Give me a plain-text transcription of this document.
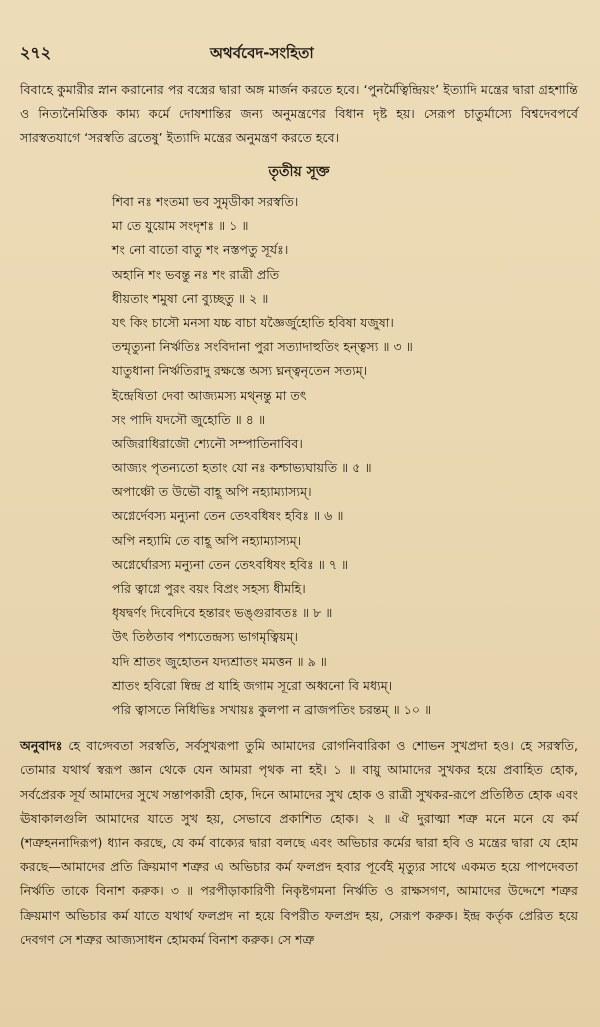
২৭২	অথর্ববেদ-সংহিতা

বিবাহে কুমারীর স্নান করানোর পর বস্ত্রের দ্বারা অঙ্গ মার্জন করতে হবে। ‘পুনর্মৈত্বিন্দ্রিয়ং’ ইত্যাদি মন্ত্রের দ্বারা গ্রহশান্তি ও নিত্যনৈমিত্তিক কাম্য কর্মে দোষশান্তির জন্য অনুমন্ত্রণের বিধান দৃষ্ট হয়। সেরূপ চাতুর্মাস্যে বিশ্বদেবপর্বে সারস্বতযাগে ‘সরস্বতি ব্রতেষু’ ইত্যাদি মন্ত্রের অনুমন্ত্রণ করতে হবে।

তৃতীয় সূক্ত
শিবা নঃ শংতমা ভব সুমৃডীকা সরস্বতি।
মা তে যুয়োম সংদৃশঃ ॥ ১ ॥
শং নো বাতো বাতু শং নস্তপতু সূর্যঃ।
অহানি শং ভবন্তু নঃ শং রাত্রী প্রতি
ধীয়তাং শমুষা নো ব্যুচ্ছতু ॥ ২ ॥
যৎ কিং চাসৌ মনসা যচ্চ বাচা যজ্ঞৈর্জুহোতি হবিষা যজুষা।
তন্মৃত্যুনা নির্ঋতিঃ সংবিদানা পুরা সত্যাদাহুতিং হন্ত্বস্য ॥ ৩ ॥
যাতুধানা নির্ঋতিরাদু রক্ষস্তে অস্য ঘ্নন্ত্বনৃতেন সত্যম্।
ইন্দ্রেষিতা দেবা আজ্যমস্য মথ্নন্তু মা তৎ
সং পাদি যদসৌ জুহোতি ॥ ৪ ॥
অজিরাধিরাজৌ শ্যেনৌ সম্পাতিনাবিব।
আজ্যং পৃতন্যতো হতাং যো নঃ কশ্চাভ্যঘায়তি ॥ ৫ ॥
অপাঞ্চৌ ত উভৌ বাহূ অপি নহ্যাম্যাস্যম্।
অগ্নের্দেবস্য মন্যুনা তেন তেঽবধিষং হবিঃ ॥ ৬ ॥
অপি নহ্যামি তে বাহূ অপি নহ্যাম্যাস্যম্।
অগ্নের্ঘোরস্য মন্যুনা তেন তেঽবধিষং হবিঃ ॥ ৭ ॥
পরি ত্বাগ্নে পুরং বয়ং বিপ্রং সহস্য ধীমহি।
ধৃষদ্বর্ণং দিবেদিবে হন্তারং ভঙ্গুরাবতঃ ॥ ৮ ॥
উৎ তিষ্ঠতাব পশ্যতেন্দ্রস্য ভাগমৃত্বিয়ম্।
যদি শ্রাতং জুহোতন যদ্যশ্রাতং মমত্তন ॥ ৯ ॥
শ্রাতং হবিরো ষ্বিন্দ্র প্র যাহি জগাম সূরো অধ্বনো বি মধ্যম্।
পরি ত্বাসতে নিধিভিঃ সখায়ঃ কুলপা ন ব্রাজপতিং চরন্তম্ ॥ ১০ ॥
অনুবাদঃ হে বাগ্দেবতা সরস্বতি, সর্বসুখরূপা তুমি আমাদের রোগনিবারিকা ও শোভন সুখপ্রদা হও। হে সরস্বতি, তোমার যথার্থ স্বরূপ জ্ঞান থেকে যেন আমরা পৃথক না হই। ১ ॥ বায়ু আমাদের সুখকর হয়ে প্রবাহিত হোক, সর্বপ্রেরক সূর্য আমাদের সুখে সন্তাপকারী হোক, দিনে আমাদের সুখ হোক ও রাত্রী সুখকর-রূপে প্রতিষ্ঠিত হোক এবং ঊষাকালগুলি আমাদের যাতে সুখ হয়, সেভাবে প্রকাশিত হোক। ২ ॥ ঐ দুরাত্মা শত্রু মনে মনে যে কর্ম (শত্রুহননাদিরূপ) ধ্যান করছে, যে কর্ম বাক্যের দ্বারা বলছে এবং অভিচার কর্মের দ্বারা হবি ও মন্ত্রের দ্বারা যে হোম করছে—আমাদের প্রতি ক্রিয়মাণ শত্রুর এ অভিচার কর্ম ফলপ্রদ হবার পূর্বেই মৃত্যুর সাথে একমত হয়ে পাপদেবতা নির্ঋতি তাকে বিনাশ করুক। ৩ ॥ পরপীড়াকারিণী নিকৃষ্টগমনা নির্ঋতি ও রাক্ষসগণ, আমাদের উদ্দেশে শত্রুর ক্রিয়মাণ অভিচার কর্ম যাতে যথার্থ ফলপ্রদ না হয়ে বিপরীত ফলপ্রদ হয়, সেরূপ করুক। ইন্দ্র কর্তৃক প্রেরিত হয়ে দেবগণ সে শত্রুর আজ্যসাধন হোমকর্ম বিনাশ করুক। সে শত্রু
